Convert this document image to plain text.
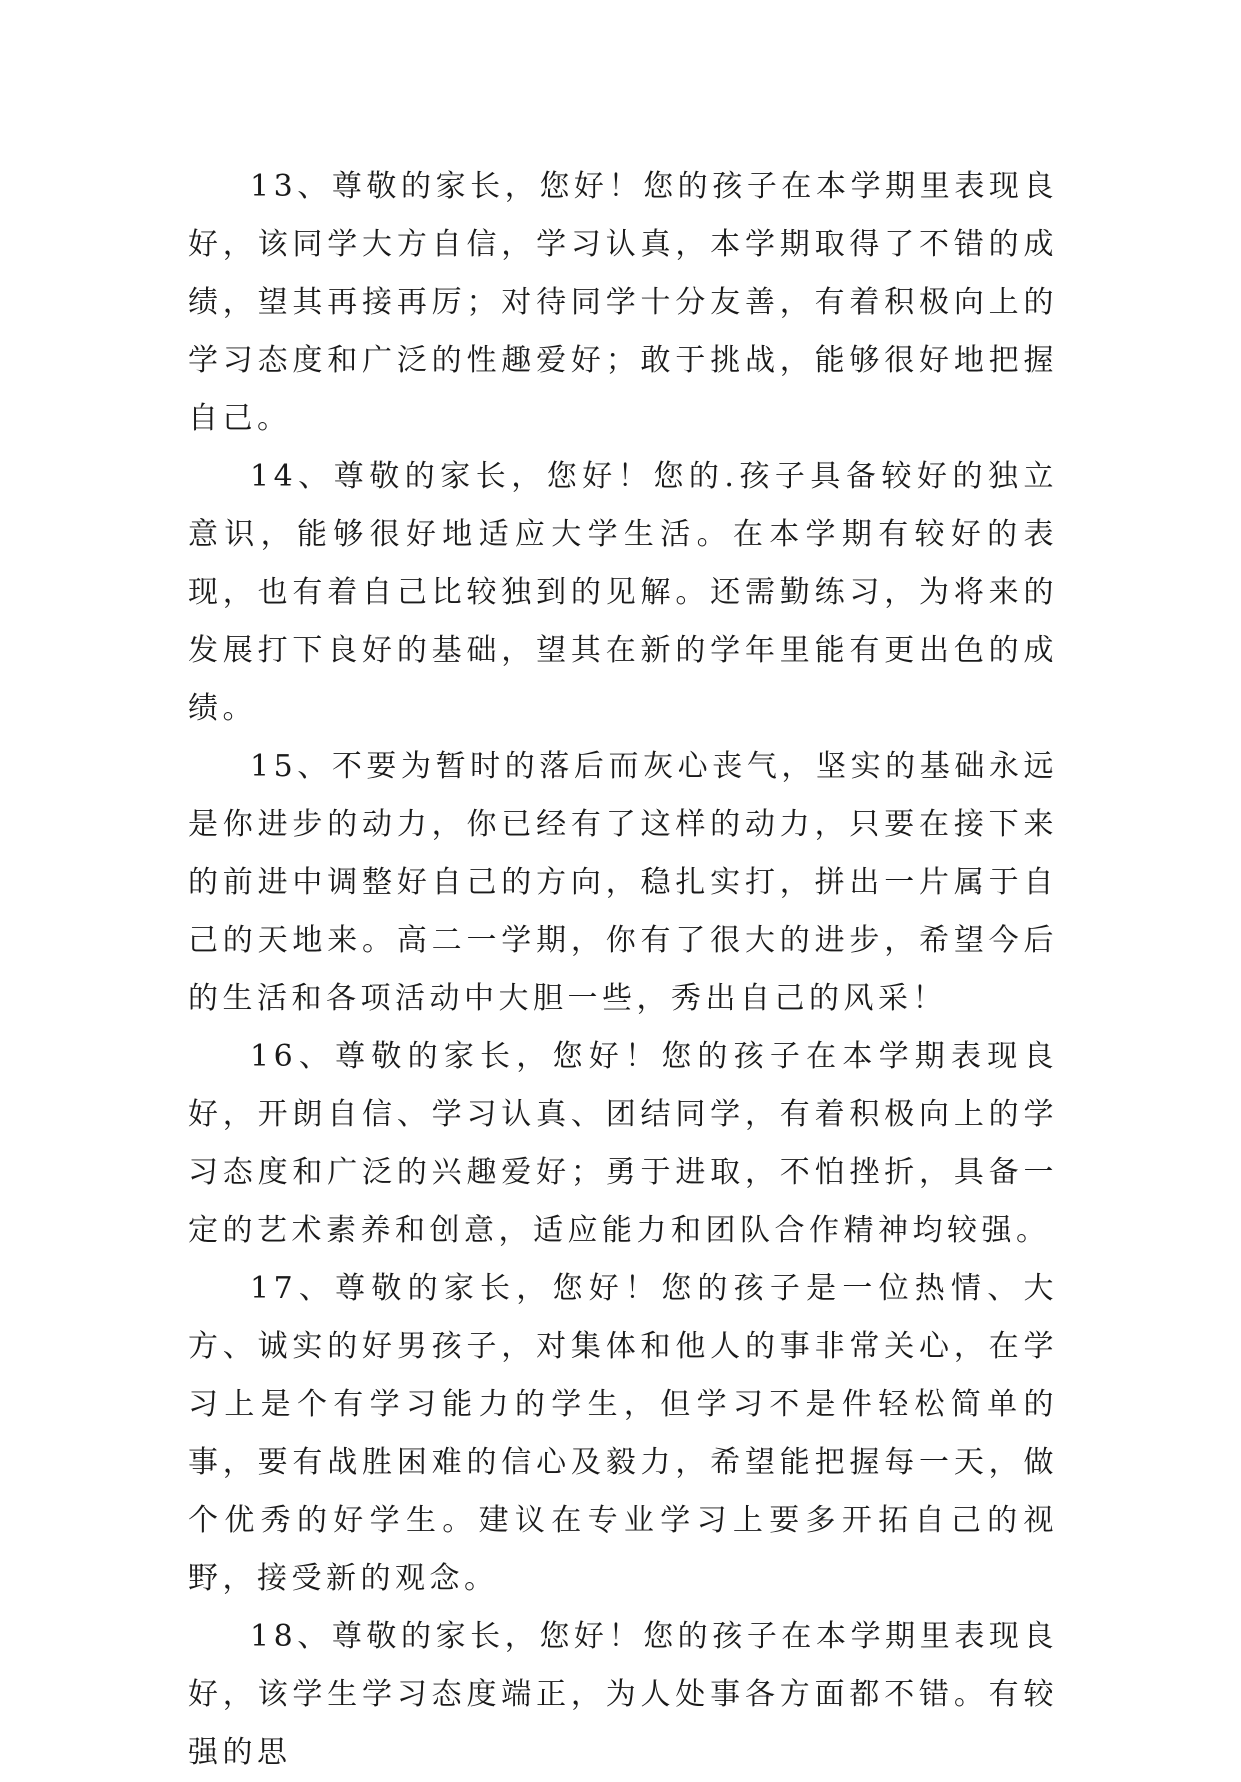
13、尊敬的家长，您好！您的孩子在本学期里表现良好，该同学大方自信，学习认真，本学期取得了不错的成绩，望其再接再厉；对待同学十分友善，有着积极向上的学习态度和广泛的性趣爱好；敢于挑战，能够很好地把握自己。

14、尊敬的家长，您好！您的.孩子具备较好的独立意识，能够很好地适应大学生活。在本学期有较好的表现，也有着自己比较独到的见解。还需勤练习，为将来的发展打下良好的基础，望其在新的学年里能有更出色的成绩。

15、不要为暂时的落后而灰心丧气，坚实的基础永远是你进步的动力，你已经有了这样的动力，只要在接下来的前进中调整好自己的方向，稳扎实打，拼出一片属于自己的天地来。高二一学期，你有了很大的进步，希望今后的生活和各项活动中大胆一些，秀出自己的风采！

16、尊敬的家长，您好！您的孩子在本学期表现良好，开朗自信、学习认真、团结同学，有着积极向上的学习态度和广泛的兴趣爱好；勇于进取，不怕挫折，具备一定的艺术素养和创意，适应能力和团队合作精神均较强。

17、尊敬的家长，您好！您的孩子是一位热情、大方、诚实的好男孩子，对集体和他人的事非常关心，在学习上是个有学习能力的学生，但学习不是件轻松简单的事，要有战胜困难的信心及毅力，希望能把握每一天，做个优秀的好学生。建议在专业学习上要多开拓自己的视野，接受新的观念。

18、尊敬的家长，您好！您的孩子在本学期里表现良好，该学生学习态度端正，为人处事各方面都不错。有较强的思
